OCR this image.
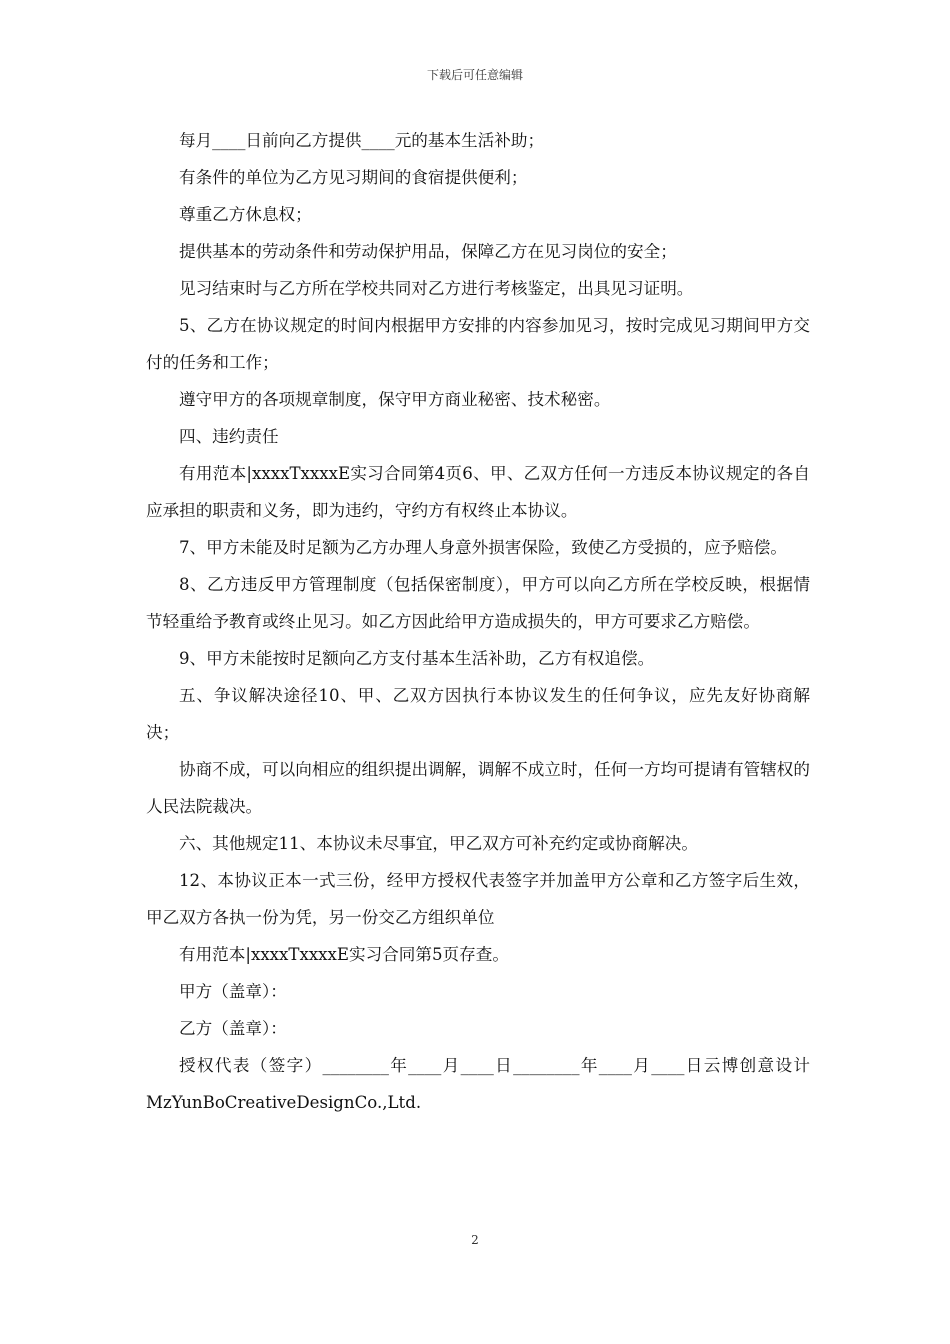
下载后可任意编辑

每月____日前向乙方提供____元的基本生活补助；

有条件的单位为乙方见习期间的食宿提供便利；

尊重乙方休息权；

提供基本的劳动条件和劳动保护用品，保障乙方在见习岗位的安全；

见习结束时与乙方所在学校共同对乙方进行考核鉴定，出具见习证明。

5、乙方在协议规定的时间内根据甲方安排的内容参加见习，按时完成见习期间甲方交付的任务和工作；

遵守甲方的各项规章制度，保守甲方商业秘密、技术秘密。

四、违约责任

有用范本|xxxxTxxxxE实习合同第4页6、甲、乙双方任何一方违反本协议规定的各自应承担的职责和义务，即为违约，守约方有权终止本协议。

7、甲方未能及时足额为乙方办理人身意外损害保险，致使乙方受损的，应予赔偿。

8、乙方违反甲方管理制度（包括保密制度），甲方可以向乙方所在学校反映，根据情节轻重给予教育或终止见习。如乙方因此给甲方造成损失的，甲方可要求乙方赔偿。

9、甲方未能按时足额向乙方支付基本生活补助，乙方有权追偿。

五、争议解决途径10、甲、乙双方因执行本协议发生的任何争议，应先友好协商解决；

协商不成，可以向相应的组织提出调解，调解不成立时，任何一方均可提请有管辖权的人民法院裁决。

六、其他规定11、本协议未尽事宜，甲乙双方可补充约定或协商解决。

12、本协议正本一式三份，经甲方授权代表签字并加盖甲方公章和乙方签字后生效，甲乙双方各执一份为凭，另一份交乙方组织单位

有用范本|xxxxTxxxxE实习合同第5页存查。

甲方（盖章）：

乙方（盖章）：

授权代表（签字）________年____月____日________年____月____日云博创意设计MzYunBoCreativeDesignCo.,Ltd.

2
